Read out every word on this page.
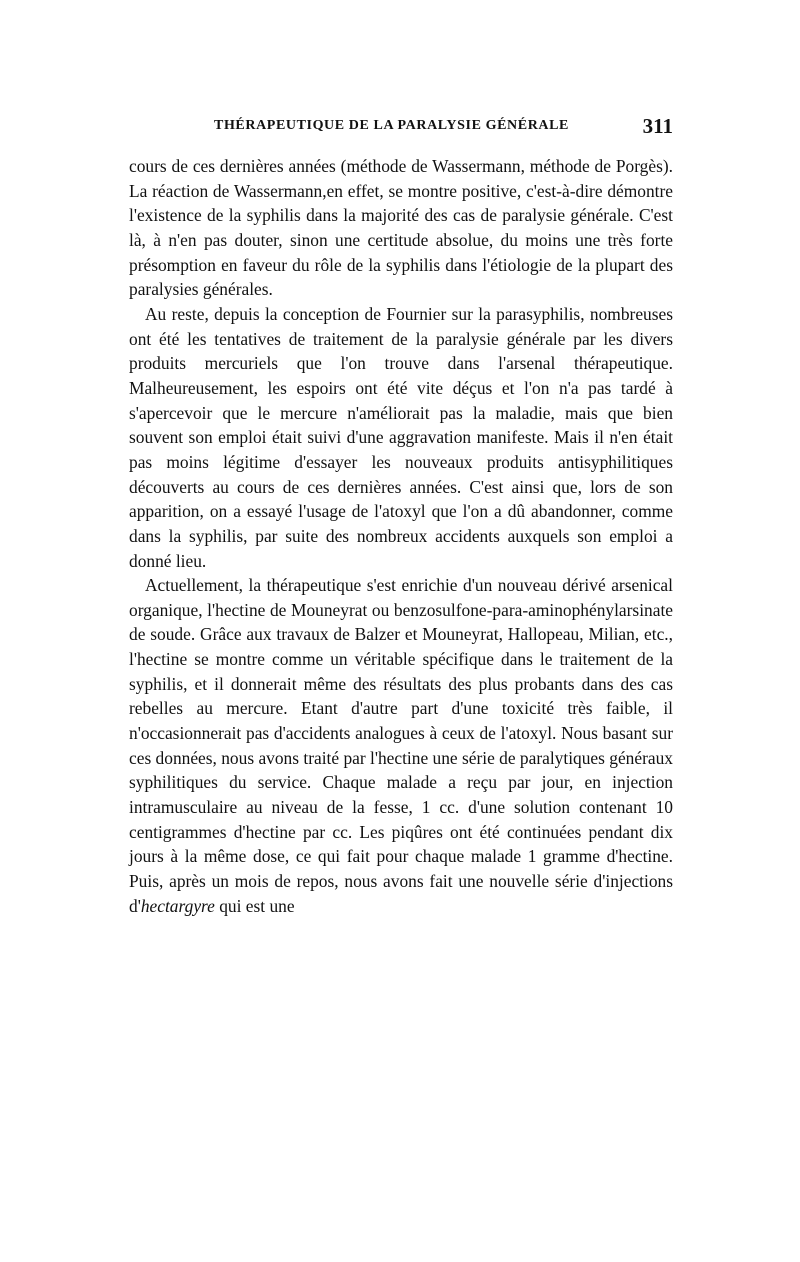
THÉRAPEUTIQUE DE LA PARALYSIE GÉNÉRALE	311

cours de ces dernières années (méthode de Wassermann, méthode de Porgès). La réaction de Wassermann,en effet, se montre positive, c'est-à-dire démontre l'existence de la syphilis dans la majorité des cas de paralysie générale. C'est là, à n'en pas douter, sinon une certitude absolue, du moins une très forte présomption en faveur du rôle de la syphilis dans l'étiologie de la plupart des paralysies générales.

Au reste, depuis la conception de Fournier sur la parasyphilis, nombreuses ont été les tentatives de traitement de la paralysie générale par les divers produits mercuriels que l'on trouve dans l'arsenal thérapeutique. Malheureusement, les espoirs ont été vite déçus et l'on n'a pas tardé à s'apercevoir que le mercure n'améliorait pas la maladie, mais que bien souvent son emploi était suivi d'une aggravation manifeste. Mais il n'en était pas moins légitime d'essayer les nouveaux produits antisyphilitiques découverts au cours de ces dernières années. C'est ainsi que, lors de son apparition, on a essayé l'usage de l'atoxyl que l'on a dû abandonner, comme dans la syphilis, par suite des nombreux accidents auxquels son emploi a donné lieu.

Actuellement, la thérapeutique s'est enrichie d'un nouveau dérivé arsenical organique, l'hectine de Mouneyrat ou benzosulfone-para-aminophénylarsinate de soude. Grâce aux travaux de Balzer et Mouneyrat, Hallopeau, Milian, etc., l'hectine se montre comme un véritable spécifique dans le traitement de la syphilis, et il donnerait même des résultats des plus probants dans des cas rebelles au mercure. Etant d'autre part d'une toxicité très faible, il n'occasionnerait pas d'accidents analogues à ceux de l'atoxyl. Nous basant sur ces données, nous avons traité par l'hectine une série de paralytiques généraux syphilitiques du service. Chaque malade a reçu par jour, en injection intramusculaire au niveau de la fesse, 1 cc. d'une solution contenant 10 centigrammes d'hectine par cc. Les piqûres ont été continuées pendant dix jours à la même dose, ce qui fait pour chaque malade 1 gramme d'hectine. Puis, après un mois de repos, nous avons fait une nouvelle série d'injections d'hectargyre qui est une
